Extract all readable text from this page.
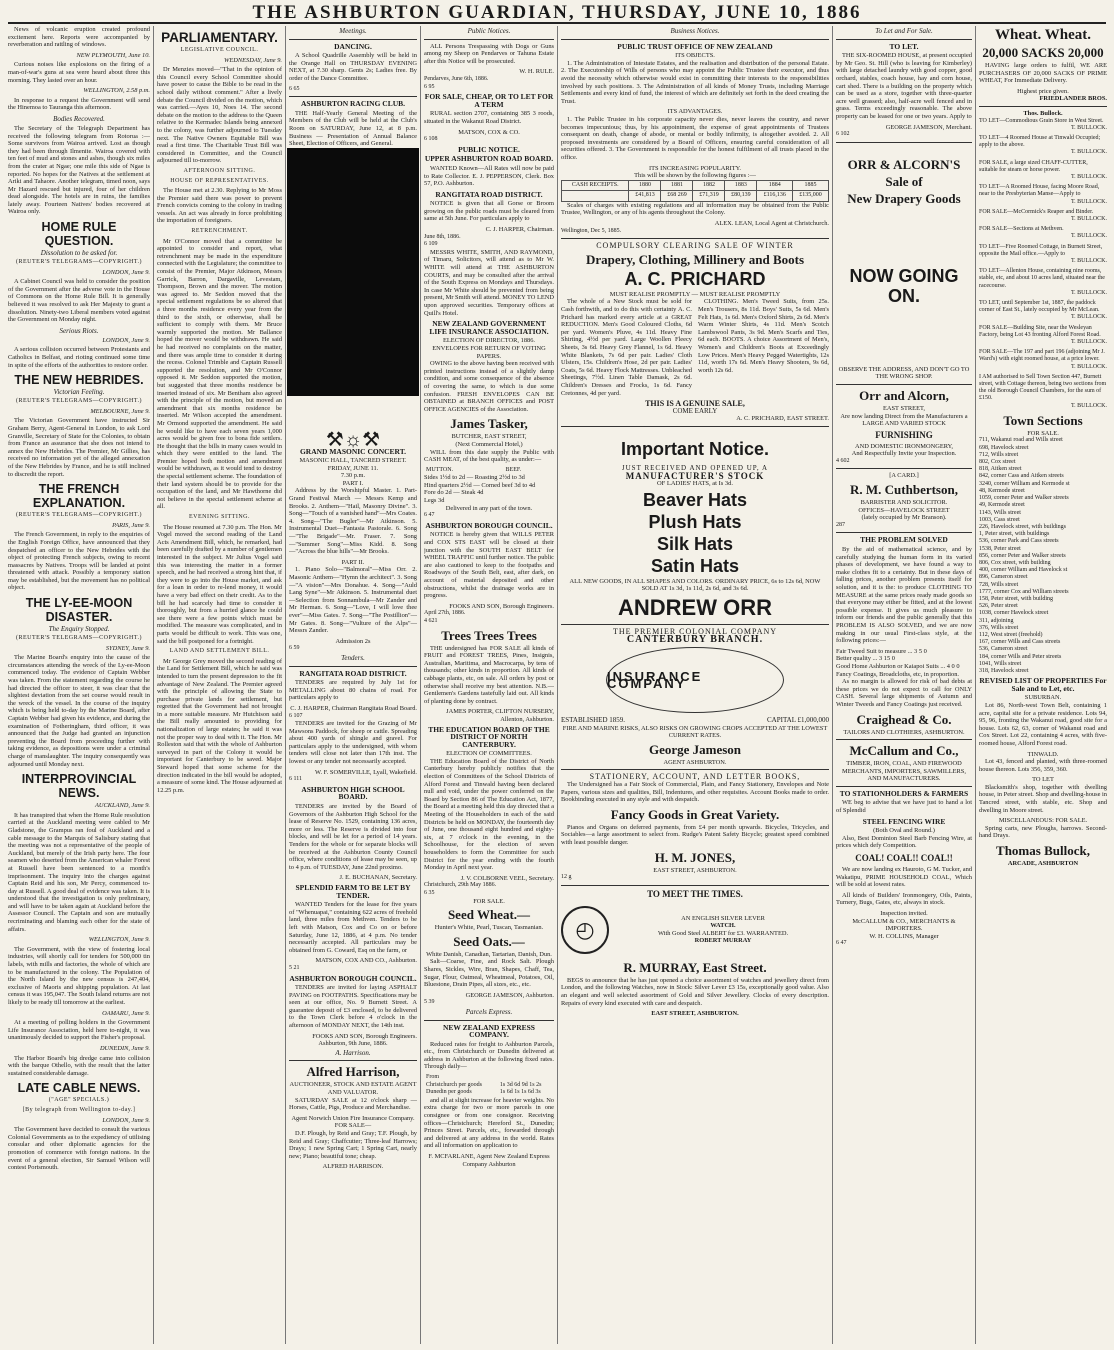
THE ASHBURTON GUARDIAN, THURSDAY, JUNE 10, 1886

News of volcanic eruption created profound excitement here. Reports were accompanied by reverberation and rattling of windows.

NEW PLYMOUTH, June 10.

Curious noises like explosions on the firing of a man-of-war's guns at sea were heard about three this morning. They lasted over an hour.

WELLINGTON, 2.58 p.m.

In response to a request the Government will send the Hinemoa to Tauranga this afternoon.

Bodies Recovered.

The Secretary of the Telegraph Department has received the following telegram from Rotorua :— Some survivors from Wairoa arrived. Lost as though they had been through Ilmenite. Wairoa covered with ten feet of mud and stones and ashes, though six miles from the crater at Ngae; one mile this side of Ngae is reported. No hopes for the Natives at the settlement at Ariki and Tahaore. Another telegram, timed noon, says Mr Hazard rescued but injured, four of her children dead alongside. The hotels are in ruins, the families lately away. Fourteen Natives' bodies recovered at Wairoa only.

HOME RULE QUESTION.
Dissolution to be asked for.
(REUTER'S TELEGRAMS—COPYRIGHT.)
LONDON, June 9.

A Cabinet Council was held to consider the position of the Government after the adverse vote in the House of Commons on the Home Rule Bill. It is generally believed it was resolved to ask Her Majesty to grant a dissolution. Ninety-two Liberal members voted against the Government on Monday night.

Serious Riots.
LONDON, June 9.

A serious collision occurred between Protestants and Catholics in Belfast, and rioting continued some time in spite of the efforts of the authorities to restore order.

THE NEW HEBRIDES.
Victorian Feeling.
(REUTER'S TELEGRAMS—COPYRIGHT.)
MELBOURNE, June 9.

The Victorian Government have instructed Sir Graham Berry, Agent-General in London, to ask Lord Granville, Secretary of State for the Colonies, to obtain from France an assurance that she does not intend to annex the New Hebrides. The Premier, Mr Gillies, has received no information yet of the alleged annexation of the New Hebrides by France, and he is still inclined to discredit the report.

THE FRENCH EXPLANATION.
(REUTER'S TELEGRAMS—COPYRIGHT.)
PARIS, June 9.

The French Government, in reply to the enquiries of the English Foreign Office, have announced that they despatched an officer to the New Hebrides with the object of protecting French subjects, owing to recent massacres by Natives. Troops will be landed at point threatened with attack. Possibly a temporary station may be established, but the movement has no political object.

THE LY-EE-MOON DISASTER.
The Enquiry Stopped.
(REUTER'S TELEGRAMS—COPYRIGHT.)
SYDNEY, June 9.

The Marine Board's enquiry into the cause of the circumstances attending the wreck of the Ly-ee-Moon commenced today. The evidence of Captain Webber was taken. From the statement regarding the course he had directed the officer to steer, it was clear that the slightest deviation from the set course would result in the wreck of the vessel. In the course of the inquiry which is being held to-day by the Marine Board, after Captain Webber had given his evidence, and during the examination of Fotheringham, third officer, it was announced that the Judge had granted an injunction preventing the Board from proceeding further with taking evidence, as depositions were under a criminal charge of manslaughter. The inquiry consequently was adjourned until Monday next.

INTERPROVINCIAL NEWS.
AUCKLAND, June 9.

It has transpired that when the Home Rule resolution carried at the Auckland meeting were cabled to Mr Gladstone, the Grampus ran foul of Auckland and a cable message to the Marquis of Salisbury stating that the meeting was not a representative of the people of Auckland, but merely of the Irish party here. The four seamen who deserted from the American whaler Forest at Russell have been sentenced to a month's imprisonment. The inquiry into the charges against Captain Reid and his son, Mr Percy, commenced to-day at Russell. A good deal of evidence was taken. It is understood that the investigation is only preliminary, and will have to be taken again at Auckland before the Assessor Council. The Captain and son are mutually recriminating and blaming each other for the state of affairs.

WELLINGTON, June 9.

The Government, with the view of fostering local industries, will shortly call for tenders for 500,000 tin labels, with mills and factories, the whole of which are to be manufactured in the colony. The Population of the North Island by the new census is 247,404, exclusive of Maoris and shipping population. At last census it was 195,047. The South Island returns are not likely to be ready till tomorrow at the earliest.

OAMARU, June 9.

At a meeting of polling holders in the Government Life Insurance Association, held here to-night, it was unanimously decided to support the Fisher's proposal.

DUNEDIN, June 9.

The Harbor Board's big dredge came into collision with the barque Othello, with the result that the latter sustained considerable damage.

LATE CABLE NEWS.
("AGE" SPECIALS.)
[By telegraph from Wellington to-day.]
LONDON, June 9.

The Government have decided to consult the various Colonial Governments as to the expediency of utilising consular and other diplomatic agencies for the promotion of commerce with foreign nations. In the event of a general election, Sir Samuel Wilson will contest Portsmouth.

PARLIAMENTARY.
LEGISLATIVE COUNCIL.
WEDNESDAY, June 9.

Dr Menzies moved—"That in the opinion of this Council every School Committee should have power to cause the Bible to be read in the school daily without comment." After a lively debate the Council divided on the motion, which was carried.—Ayes 10, Noes 14. The second debate on the motion to the address to the Queen relative to the Kermadec Islands being annexed to the colony, was further adjourned to Tuesday next. The Native Owners Equitable Bill was read a first time. The Charitable Trust Bill was considered in Committee, and the Council adjourned till to-morrow.

AFTERNOON SITTING.
HOUSE OF REPRESENTATIVES.

The House met at 2.30. Replying to Mr Moss the Premier said there was power to prevent French convicts coming to the colony in trading vessels. An act was already in force prohibiting the importation of foreigners.

RETRENCHMENT.

Mr O'Connor moved that a committee be appointed to consider and report, what retrenchment may be made in the expenditure connected with the Legislature; the committee to consist of the Premier, Major Atkinson, Messrs Garrick, Barron, Dargaville, Levestam, Thompson, Brown and the mover. The motion was agreed to. Mr Seddon moved that the special settlement regulations be so altered that a three months residence every year from the third to the sixth, or otherwise, shall be sufficient to comply with them. Mr Bruce warmly supported the motion. Mr Ballance hoped the mover would be withdrawn. He said he had received no complaints on the matter, and there was ample time to consider it during the recess. Colonel Trimble and Captain Russell supported the resolution, and Mr O'Connor opposed it. Mr Seddon supported the motion, but suggested that three months residence be inserted instead of six. Mr Bentham also agreed with the principle of the motion, but moved an amendment that six months residence be inserted. Mr Wilson accepted the amendment. Mr Ormond supported the amendment. He said he would like to have each seven years 1,000 acres would be given free to bona fide settlers. He thought that the bills in many cases would in which they were entitled to the land. The Premier hoped both motion and amendment would be withdrawn, as it would tend to destroy the special settlement scheme. The foundation of their land system should be to provide for the occupation of the land, and Mr Hawthorne did not believe in the special settlement scheme at all.

EVENING SITTING.

The House resumed at 7.30 p.m. The Hon. Mr Vogel moved the second reading of the Land Acts Amendment Bill, which, he remarked, had been carefully drafted by a number of gentlemen interested in the subject. Mr Julius Vogel said this was interesting the matter in a former speech, and he had received a strong hint that, if they were to go into the House market, and ask for a loan in order to re-lend money, it would have a very bad effect on their credit. As to the bill he had scarcely had time to consider it thoroughly, but from a hurried glance he could see there were a few points which must be modified. The measure was complicated, and in parts would be difficult to work. This was one, said the bill postponed for a fortnight.

LAND AND SETTLEMENT BILL.

Mr George Grey moved the second reading of the Land for Settlement Bill, which he said was intended to turn the present depression to the fit advantage of New Zealand. The Premier agreed with the principle of allowing the State to purchase private lands for settlement, but regretted that the Government had not brought in a more suitable measure. Mr Hutchison said the Bill really amounted to providing for nationalization of large estates; he said it was not the proper way to deal with it. The Hon. Mr Rolleston said that with the whole of Ashburton surveyed in part of the Colony it would be important for Canterbury to be saved. Major Steward hoped that some scheme for the direction indicated in the bill would be adopted, a measure of some kind. The House adjourned at 12.25 p.m.

Meetings.
DANCING.

A School Quadrille Assembly will be held in the Orange Hall on THURSDAY EVENING NEXT, at 7.30 sharp. Gents 2s; Ladies free. By order of the Dance Committee.

6 65
ASHBURTON RACING CLUB.

THE Half-Yearly General Meeting of the Members of the Club will be held at the Club's Room on SATURDAY, June 12, at 8 p.m. Business — Presentation of Annual Balance Sheet, Election of Officers, and General.

⚒☼⚒
GRAND MASONIC CONCERT.
MASONIC HALL, TANCRED STREET.
FRIDAY, JUNE 11.
7.30 p.m.
PART I.

Address by the Worshipful Master. 1. Part-Grand Festival March — Messrs Kemp and Brooks. 2. Anthem—"Hail, Masonry Divine". 3. Song—"Touch of a vanished hand"—Mrs Coates. 4. Song—"The Bugler"—Mr Atkinson. 5. Instrumental Duet—Fantasia Pastorale. 6. Song—"The Brigade"—Mr. Fraser. 7. Song—"Summer Song"—Miss Kidd. 8. Song—"Across the blue hills"—Mr Brooks.

PART II.

1. Piano Solo—"Balmoral"—Miss Orr. 2. Masonic Anthem—"Hymn the architect". 3. Song—"A vision"—Mrs Donahue. 4. Song—"Auld Lang Syne"—Mr Atkinson. 5. Instrumental duet—Selection from Sonnambula—Mr Zander and Mr Herman. 6. Song—"Love, I will love thee ever"—Miss Gates. 7. Song—"The Postillion"—Mr Gates. 8. Song—"Vulture of the Alps"—Messrs Zander.

Admission 2s
6 59
Tenders.
RANGITATA ROAD DISTRICT.

TENDERS are required by July 1st for METALLING about 80 chains of road. For particulars apply to

C. J. HARPER, Chairman Rangitata Road Board.
6 107

TENDERS are invited for the Grazing of Mr Mawsons Paddock, for sheep or cattle. Spreading about 400 yards of shingle and gravel. For particulars apply to the undersigned, with whom tenders will close not later than 17th inst. The lowest or any tender not necessarily accepted.

W. F. SOMERVILLE, Lyall, Wakefield.
6 111
ASHBURTON HIGH SCHOOL BOARD.

TENDERS are invited by the Board of Governors of the Ashburton High School for the lease of Reserve No. 1529, containing 136 acres, more or less. The Reserve is divided into four blocks, and will be let for a period of 14 years. Tenders for the whole or for separate blocks will be received at the Ashburton County Council office, where conditions of lease may be seen, up to 4 p.m. of TUESDAY, June 22nd proximo.

J. E. BUCHANAN, Secretary.
SPLENDID FARM TO BE LET BY TENDER.

WANTED Tenders for the lease for five years of "Whenuapai," containing 622 acres of freehold land, three miles from Methven. Tenders to be left with Matson, Cox and Co on or before Saturday, June 12, 1886, at 4 p.m. No tender necessarily accepted. All particulars may be obtained from G. Coward, Esq on the farm, or

MATSON, COX AND CO., Ashburton.
5 21
ASHBURTON BOROUGH COUNCIL.

TENDERS are invited for laying ASPHALT PAVING on FOOTPATHS. Specifications may be seen at our office, No. 9 Burnett Street. A guarantee deposit of £3 enclosed, to be delivered to the Town Clerk before 4 o'clock in the afternoon of MONDAY NEXT, the 14th inst.

FOOKS AND SON, Borough Engineers.
Ashburton, 9th June, 1886.
A. Harrison.
Alfred Harrison,
AUCTIONEER, STOCK AND ESTATE AGENT AND VALUATOR.

SATURDAY SALE at 12 o'clock sharp —Horses, Cattle, Pigs, Produce and Merchandise.

Agent Norwich Union Fire Insurance Company.
FOR SALE—

D.F. Plough, by Reid and Gray; T.F. Plough, by Reid and Gray; Chaffcutter; Three-leaf Harrows; Drays; 1 new Spring Cart; 1 Spring Cart, nearly new; Piano; beautiful tone; cheap.

ALFRED HARRISON.
Public Notices.

ALL Persons Trespassing with Dogs or Guns among my Sheep on Pendarves or Tahuna Estate after this Notice will be prosecuted.

W. H. RULE.
Pendarves, June 6th, 1886.
6 95
FOR SALE, CHEAP, OR TO LET FOR A TERM

RURAL section 2707, containing 385 3 roods, situated in the Wakanui Road District.

MATSON, COX & CO.
6 108
PUBLIC NOTICE.
UPPER ASHBURTON ROAD BOARD.

WANTED Known—All Rates will now be paid to Rate Collector. E. J. PEPPERSON, Clerk. Box 57, P.O. Ashburton.

RANGITATA ROAD DISTRICT.

NOTICE is given that all Gorse or Broom growing on the public roads must be cleared from same at 5th June. For particulars apply to

C. J. HARPER, Chairman.
June 8th, 1886.
6 109

MESSRS WHITE, SMITH, AND RAYMOND, of Timaru, Solicitors, will attend as to Mr W. WHITE will attend at THE ASHBURTON COURTS, and may be consulted after the arrival of the South Express on Mondays and Thursdays. In case Mr White should be prevented from being present, Mr Smith will attend. MONEY TO LEND upon approved securities. Temporary offices at Quill's Hotel.

NEW ZEALAND GOVERNMENT LIFE INSURANCE ASSOCIATION.
ELECTION OF DIRECTOR, 1886.
ENVELOPES FOR RETURN OF VOTING PAPERS.

OWING to the above having been received with printed instructions instead of a slightly damp condition, and some consequence of the absence of covering the same, to which is due some confusion. FRESH ENVELOPES CAN BE OBTAINED at BRANCH OFFICES and POST OFFICE AGENCIES of the Association.

James Tasker,
BUTCHER, EAST STREET,
(Next Commercial Hotel,)

WILL from this date supply the Public with CASH MEAT, of the best quality, as under:—

MUTTON.	BEEF.
Sides 1½d to 2d — Roasting 2½d to 3d
Hind quarters 2½d — Corned beef 3d to 4d
Fore do 2d — Steak 4d
Legs 3d
Delivered in any part of the town.
6 47
ASHBURTON BOROUGH COUNCIL.

NOTICE is hereby given that WILLS PETER and COX STS EAST will be closed at their junction with the SOUTH EAST BELT for WHEEL TRAFFIC until further notice. The public are also cautioned to keep to the footpaths and Roadways of the South Belt, east, after dark, on account of material deposited and other obstructions, whilst the drainage works are in progress.

FOOKS AND SON, Borough Engineers.
April 27th, 1886.
4 621
Trees Trees Trees

THE undersigned has FOR SALE all kinds of FRUIT and FOREST TREES, Pines, Insignis, Australian, Maritima, and Macrocarpa, by tens of thousands; other kinds in proportion. All kinds of cabbage plants, etc, on sale. All orders by post or otherwise shall receive my best attention. N.B.—Gentlemen's Gardens tastefully laid out. All kinds of planting done by contract.

JAMES PORTER, CLIFTON NURSERY, Allenton, Ashburton.
THE EDUCATION BOARD OF THE DISTRICT OF NORTH CANTERBURY.
ELECTION OF COMMITTEES.

THE Education Board of the District of North Canterbury hereby publicly notifies that the election of Committees of the School Districts of Alford Forest and Tinwald having been declared null and void, under the power conferred on the Board by Section 86 of The Education Act, 1877, the Board at a meeting held this day directed that a Meeting of the Householders in each of the said Districts be held on MONDAY, the fourteenth day of June, one thousand eight hundred and eighty-six, at 7 o'clock in the evening, in the Schoolhouse, for the election of seven householders to form the Committee for such District for the year ending with the fourth Monday in April next year.

J. V. COLBORNE VEEL, Secretary.
Christchurch, 29th May 1886.
6 35
FOR SALE.
Seed Wheat.—
Hunter's White, Pearl, Tuscan, Tasmanian.
Seed Oats.—
White Danish, Canadian, Tartarian, Danish, Dun.

Salt—Coarse, Fine, and Rock Salt. Plough Shares, Sickles, Wire, Bran, Shapes, Chaff, Tea, Sugar, Flour, Oatmeal, Wheatmeal, Potatoes, Oil, Bluestone, Drain Pipes, all sizes, etc., etc.

GEORGE JAMESON, Ashburton.
5 39
Parcels Express.
NEW ZEALAND EXPRESS COMPANY.

Reduced rates for freight to Ashburton Parcels, etc., from Christchurch or Dunedin delivered at address in Ashburton at the following fixed rates. Through daily—

From	
Christchurch per goods	1s 3d 6d 9d 1s 2s
Dunedin per goods	1s 6d 1s 1s 6d 3s

and all at slight increase for heavier weights. No extra charge for two or more parcels in one consignee or from one consignor. Receiving offices—Christchurch; Hereford St., Dunedin; Princes Street. Parcels, etc., forwarded through and delivered at any address in the world. Rates and all information on application to

F. MCFARLANE, Agent New Zealand Express Company Ashburton
Business Notices.
PUBLIC TRUST OFFICE OF NEW ZEALAND
ITS OBJECTS.

1. The Administration of Intestate Estates, and the realisation and distribution of the personal Estate. 2. The Executorship of Wills of persons who may appoint the Public Trustee their executor, and thus avoid the necessity which otherwise would exist in committing their interests to the responsibilities involved by such positions. 3. The Administration of all kinds of Money Trusts, including Marriage Settlements and every kind of fund, the interest of which are definitely set forth in the deed creating the Trust.

ITS ADVANTAGES.

1. The Public Trustee in his corporate capacity never dies, never leaves the country, and never becomes impecunious; thus, by his appointment, the expense of great appointments of Trustees consequent on death, change of abode, or mental or bodily infirmity, is altogether avoided. 2. All proposed investments are considered by a Board of Officers, ensuring careful consideration of all securities offered. 3. The Government is responsible for the honest fulfilment of all trusts placed in the office.

ITS INCREASING POPULARITY.
This will be shown by the following figures :—
CASH RECEIPTS.	1880	1881	1882	1883	1884	1885
	£41,813	£68 269	£71,319	£80,139	£116,136	£135,000

Scales of charges with existing regulations and all information may be obtained from the Public Trustee, Wellington, or any of his agents throughout the Colony.

ALEX. LEAN, Local Agent at Christchurch.
Wellington, Dec 5, 1885.
COMPULSORY CLEARING SALE OF WINTER
Drapery, Clothing, Millinery and Boots
A. C. PRICHARD
MUST REALISE PROMPTLY — MUST REALISE PROMPTLY

The whole of a New Stock must be sold for Cash forthwith, and to do this with certainty A. C. Prichard has marked every article at a GREAT REDUCTION. Men's Good Coloured Cloths, 6d per yard. Women's Pluve, 4s 11d. Heavy Fine Shirting, 4½d per yard. Large Woollen Fleecy Sheets, 3s 6d. Heavy Grey Flannel, 1s 6d. Heavy White Blankets, 7s 6d per pair. Ladies' Cloth Ulsters, 15s. Children's Hose, 2d per pair. Ladies' Coats, 5s 6d. Heavy Flock Mattresses. Unbleached Sheetings, 7½d. Linen Table Damask, 2s 6d. Children's Dresses and Frocks, 1s 6d. Fancy Cretonnes, 4d per yard.

CLOTHING. Men's Tweed Suits, from 25s. Men's Trousers, 8s 11d. Boys' Suits, 5s 6d. Men's Felt Hats, 1s 6d. Men's Oxford Shirts, 2s 6d. Men's Warm Winter Shirts, 4s 11d. Men's Scotch Lambswool Pants, 3s 9d. Men's Scarfs and Ties, 6d each. BOOTS. A choice Assortment of Men's, Women's and Children's Boots at Exceedingly Low Prices. Men's Heavy Pegged Watertights, 12s 11d, worth 17s 6d. Men's Heavy Shooters, 9s 6d, worth 12s 6d.

THIS IS A GENUINE SALE,
COME EARLY
A. C. PRICHARD, EAST STREET.
Important Notice.
JUST RECEIVED AND OPENED UP, A
MANUFACTURER'S STOCK
OF LADIES' HATS, at Is 3d.
Beaver Hats
Plush Hats
Silk Hats
Satin Hats
ALL NEW GOODS, IN ALL SHAPES AND COLORS. ORDINARY PRICE, 6s to 12s 6d, NOW SOLD AT 1s 3d, 1s 11d, 2s 6d, and 3s 6d.
ANDREW ORR
THE PREMIER COLONIAL COMPANY
CANTERBURY BRANCH.
INSURANCE COMPANY
ESTABLISHED 1859.	CAPITAL £1,000,000
FIRE AND MARINE RISKS, ALSO RISKS ON GROWING CROPS ACCEPTED AT THE LOWEST CURRENT RATES.
George Jameson
AGENT ASHBURTON.
STATIONERY, ACCOUNT, AND LETTER BOOKS,

The Undersigned has a Fair Stock of Commercial, Plain, and Fancy Stationery, Envelopes and Note Papers, various sizes and qualities, Bill, Indentures, and other requisites. Account Books made to order. Bookbinding executed in any style and with despatch.

Fancy Goods in Great Variety.

Pianos and Organs on deferred payments, from £4 per month upwards. Bicycles, Tricycles, and Sociables—a large assortment to select from. Rudge's Patent Safety Bicycle; greatest speed combined with least possible danger.

H. M. JONES,
EAST STREET, ASHBURTON.
12 g
TO MEET THE TIMES.
◴	AN ENGLISH SILVER LEVER
WATCH.
With Good Steel ALBERT for £3. WARRANTED.
ROBERT MURRAY
R. MURRAY, East Street.

BEGS to announce that he has just opened a choice assortment of watches and jewellery direct from London, and the following Watches, now in Stock: Silver Lever £3 15s, exceptionally good value. Also an elegant and well selected assortment of Gold and Silver Jewellery. Clocks of every description. Repairs of every kind executed with care and despatch.

EAST STREET, ASHBURTON.
To Let and For Sale.
TO LET.

THE SIX-ROOMED HOUSE, at present occupied by Mr Geo. St. Hill (who is leaving for Kimberley) with large detached laundry with good copper, good orchard, stables, coach house, hay and corn house, cart shed. There is a building on the property which can be used as a store, together with three-quarter acre well grassed; also, half-acre well fenced and in grass. Terms exceedingly reasonable. The above property can be leased for one or two years. Apply to

GEORGE JAMESON, Merchant.
6 102
ORR & ALCORN'S
Sale of
New Drapery Goods
NOW GOING ON.
OBSERVE THE ADDRESS, AND DON'T GO TO THE WRONG SHOP.
Orr and Alcorn,
EAST STREET,
Are now landing Direct from the Manufacturers a LARGE AND VARIED STOCK
FURNISHING
AND DOMESTIC IRONMONGERY,
And Respectfully Invite your Inspection.
4 602
[A CARD.]
R. M. Cuthbertson,
BARRISTER AND SOLICITOR.
OFFICES—HAVELOCK STREET
(lately occupied by Mr Branson).
287
THE PROBLEM SOLVED

By the aid of mathematical science, and by carefully studying the human form in its varied phases of development, we have found a way to make clothes fit to a certainty. But in these days of falling prices, another problem presents itself for solution, and it is the: to produce CLOTHING TO MEASURE at the same prices ready made goods so that everyone may either be fitted, and at the lowest possible expense. It gives us much pleasure to inform our friends and the public generally that this PROBLEM IS ALSO SOLVED, and we are now making in our usual First-class style, at the following prices:—

Fair Tweed Suit to measure ... 3 5 0
Better quality ... 3 15 0
Good Home Ashburton or Kaiapoi Suits ... 4 0 0
Fancy Coatings, Broadcloths, etc, in proportion.

As no margin is allowed for risk of bad debts at these prices we do not expect to call for ONLY CASH. Several large shipments of Autumn and Winter Tweeds and Fancy Coatings just received.

Craighead & Co.
TAILORS AND CLOTHIERS, ASHBURTON.
McCallum and Co.,
TIMBER, IRON, COAL, AND FIREWOOD MERCHANTS, IMPORTERS, SAWMILLERS, AND MANUFACTURERS.
TO STATIONHOLDERS & FARMERS

WE beg to advise that we have just to hand a lot of Splendid

STEEL FENCING WIRE
(Both Oval and Round.)

Also, Best Dominion Steel Barb Fencing Wire, at prices which defy Competition.

COAL! COAL!! COAL!!

We are now landing ex Hauroto, G M. Tucker, and Wakatipu, PRIME HOUSEHOLD COAL, Which will be sold at lowest rates.

All kinds of Builders' Ironmongery, Oils, Paints, Turnery, Bugs, Gates, etc, always in stock.

Inspection invited.
McCALLUM & CO., MERCHANTS & IMPORTERS.
W. H. COLLINS, Manager
6 47
Wheat. Wheat.
20,000 SACKS 20,000

HAVING large orders to fulfil, WE ARE PURCHASERS OF 20,000 SACKS OF PRIME WHEAT, For Immediate Delivery.

Highest price given.
FRIEDLANDER BROS.
Thos. Bullock.
TO LET—Commodious Grain Store in West Street.
T. BULLOCK.
TO LET—4 Roomed House at Tinwald Occupied; apply to the above.
T. BULLOCK.
FOR SALE, a large sized CHAFF-CUTTER, suitable for steam or horse power.
T. BULLOCK.
TO LET—A Roomed House, facing Moore Road, near to the Presbyterian Manse—Apply to
T. BULLOCK.
FOR SALE—McCormick's Reaper and Binder.
T. BULLOCK.
FOR SALE—Sections at Methven.
T. BULLOCK.
TO LET—Five Roomed Cottage, in Burnett Street, opposite the Mail office.—Apply to
T. BULLOCK.
TO LET—Allenton House, containing nine rooms, stable, etc, and about 10 acres land, situated near the racecourse.
T. BULLOCK.
TO LET, until September 1st, 1887, the paddock corner of East St., lately occupied by Mr McLean.
T. BULLOCK.
FOR SALE—Building Site, near the Wesleyan Factory, being Lot 43 fronting Alford Forest Road.
T. BULLOCK.
FOR SALE—The 197 and part 196 (adjoining Mr J. Ward's) with eight roomed house, at a price lower.
T. BULLOCK.
I AM authorised to Sell Town Section 447, Burnett street, with Cottage thereon, being two sections from the old Borough Council Chambers, for the sum of £150.
T. BULLOCK.
Town Sections
FOR SALE.
711, Wakanui road and Wills street
698, Havelock street
712, Wills street
802, Cox street
818, Aitken street
842, corner Cass and Aitken streets
3240, corner William and Kermode st
48, Kermode street
1059, corner Peter and Walker streets
49, Kermode street
1143, Wills street
1003, Cass street
226, Havelock street, with buildings
1, Peter street, with buildings
536, corner Park and Cass streets
1538, Peter street
856, corner Peter and Walker streets
806, Cox street, with building
400, corner William and Havelock st
896, Cameron street
728, Wills street
1777, corner Cox and William streets
158, Peter street, with building
526, Peter street
1038, corner Havelock street
311, adjoining
376, Wills street
112, West street (freehold)
167, corner Wills and Cass streets
536, Cameron street
184, corner Wills and Peter streets
1041, Wills street
318, Havelock street
REVISED LIST OF PROPERTIES For Sale and to Let, etc.
SUBURBAN.

Lot 86, North-west Town Belt, containing 1 acre, capital site for a private residence. Lots 94, 95, 96, fronting the Wakanui road, good site for a house. Lots 62, 63, corner of Wakanui road and Cox Street. Lot 22, containing 4 acres, with five-roomed house, Alford Forest road.

TINWALD.

Lot 43, fenced and planted, with three-roomed house thereon. Lots 356, 359, 360.

TO LET

Blacksmith's shop, together with dwelling house, in Peter street. Shop and dwelling-house in Tancred street, with stable, etc. Shop and dwelling in Moore street.

MISCELLANEOUS: FOR SALE.

Spring carts, new Ploughs, harrows. Second-hand Drays.

Thomas Bullock,
ARCADE, ASHBURTON
